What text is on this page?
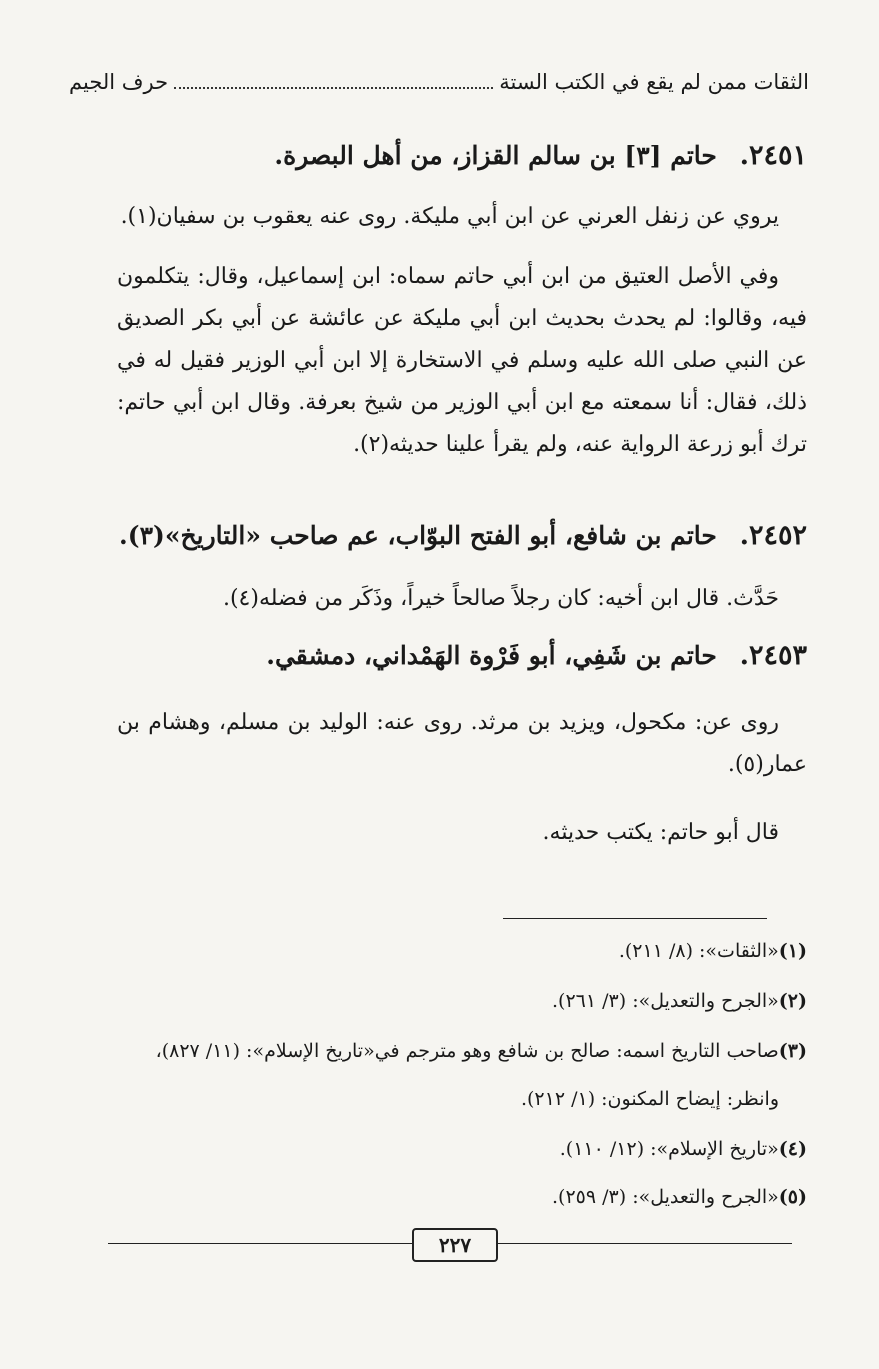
حرف الجيم	الثقات ممن لم يقع في الكتب الستة
٢٤٥١. حاتم [٣] بن سالم القزاز، من أهل البصرة.
يروي عن زنفل العرني عن ابن أبي مليكة. روى عنه يعقوب بن سفيان(١).
وفي الأصل العتيق من ابن أبي حاتم سماه: ابن إسماعيل، وقال: يتكلمون فيه، وقالوا: لم يحدث بحديث ابن أبي مليكة عن عائشة عن أبي بكر الصديق عن النبي صلى الله عليه وسلم في الاستخارة إلا ابن أبي الوزير فقيل له في ذلك، فقال: أنا سمعته مع ابن أبي الوزير من شيخ بعرفة. وقال ابن أبي حاتم: ترك أبو زرعة الرواية عنه، ولم يقرأ علينا حديثه(٢).
٢٤٥٢. حاتم بن شافع، أبو الفتح البوّاب، عم صاحب «التاريخ»(٣).
حَدَّث. قال ابن أخيه: كان رجلاً صالحاً خيراً، وذَكَر من فضله(٤).
٢٤٥٣. حاتم بن شَفِي، أبو فَرْوة الهَمْداني، دمشقي.
روى عن: مكحول، ويزيد بن مرثد. روى عنه: الوليد بن مسلم، وهشام بن عمار(٥).
قال أبو حاتم: يكتب حديثه.
(١)«الثقات»: (٨/ ٢١١).
(٢)«الجرح والتعديل»: (٣/ ٢٦١).
(٣)صاحب التاريخ اسمه: صالح بن شافع وهو مترجم في«تاريخ الإسلام»: (١١/ ٨٢٧)،
وانظر: إيضاح المكنون: (١/ ٢١٢).
(٤)«تاريخ الإسلام»: (١٢/ ١١٠).
(٥)«الجرح والتعديل»: (٣/ ٢٥٩).
٢٢٧
